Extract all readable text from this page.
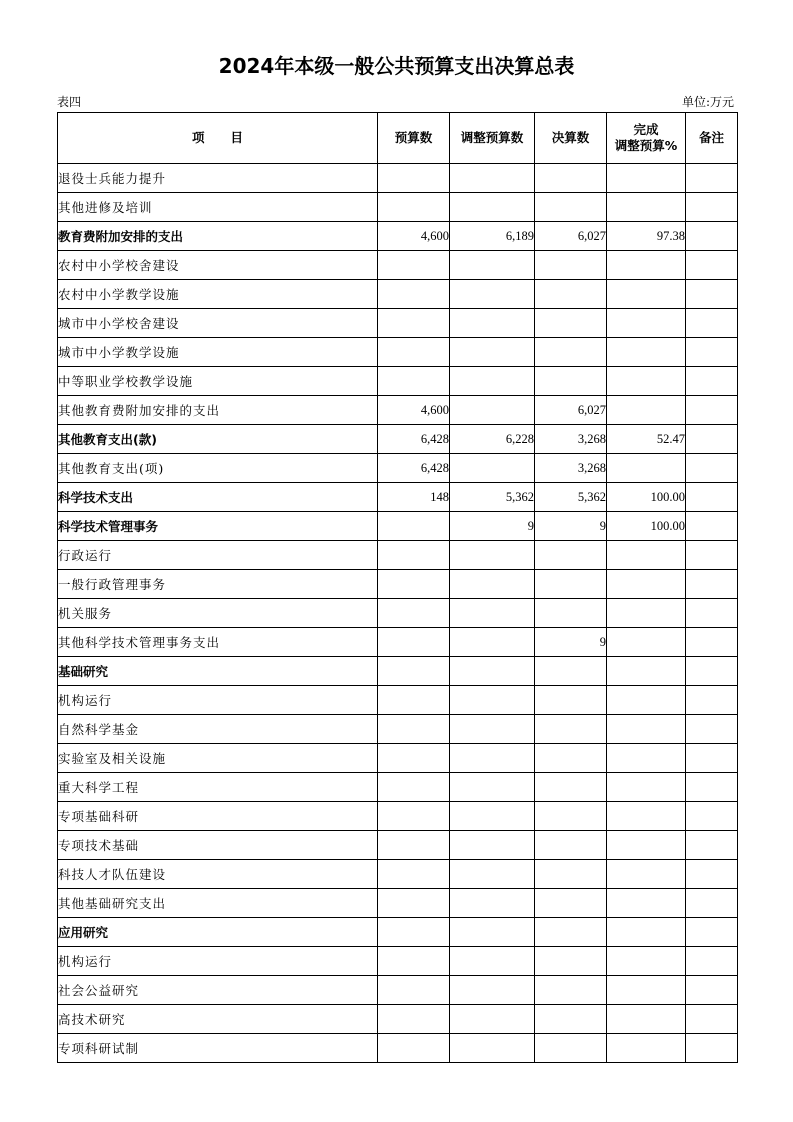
2024年本级一般公共预算支出决算总表
表四	单位:万元
项      目	预算数	调整预算数	决算数	完成
调整预算%	备注
退役士兵能力提升					
其他进修及培训					
教育费附加安排的支出	4,600	6,189	6,027	97.38	
农村中小学校舍建设					
农村中小学教学设施					
城市中小学校舍建设					
城市中小学教学设施					
中等职业学校教学设施					
其他教育费附加安排的支出	4,600		6,027		
其他教育支出(款)	6,428	6,228	3,268	52.47	
其他教育支出(项)	6,428		3,268		
科学技术支出	148	5,362	5,362	100.00	
科学技术管理事务		9	9	100.00	
行政运行					
一般行政管理事务					
机关服务					
其他科学技术管理事务支出			9		
基础研究					
机构运行					
自然科学基金					
实验室及相关设施					
重大科学工程					
专项基础科研					
专项技术基础					
科技人才队伍建设					
其他基础研究支出					
应用研究					
机构运行					
社会公益研究					
高技术研究					
专项科研试制					
